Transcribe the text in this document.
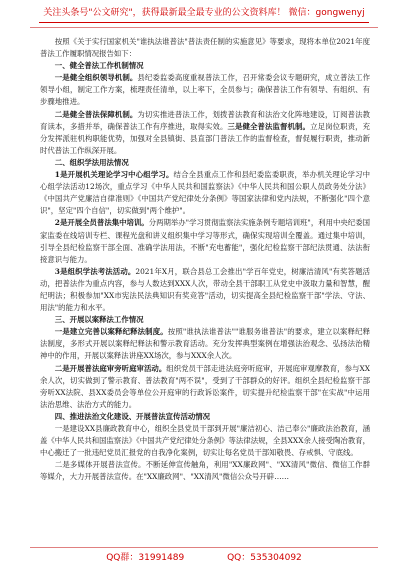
关注头条号"公文研究"，获得最新最全最专业的公文资料库！ 微信：gongwenyj

按照《关于实行国家机关"谁执法谁普法"普法责任制的实施意见》等要求，现将本单位2021年度普法工作履职情况报告如下：

一、健全普法工作机制情况

一是健全组织领导机制。县纪委监委高度重视普法工作，召开常委会议专题研究，成立普法工作领导小组，制定工作方案，梳理责任清单，以上率下，全员参与；确保普法工作有领导、有组织、有步骤地推进。

二是健全普法保障机制。为切实推进普法工作，划拨普法教育和法治文化阵地建设，订阅普法教育读本，多措并举，确保普法工作有序推进，取得实效。三是健全普法监督机制。立足岗位职责，充分发挥派驻机构职能优势，加强对全县镇街、县直部门普法工作的监督检查，督促履行职责，推动新时代普法工作纵深开展。

二、组织学法用法情况

1是开展机关理论学习中心组学习。结合全县重点工作和县纪委监委职责，举办机关理论学习中心组学法活动12场次，重点学习《中华人民共和国监察法》《中华人民共和国公职人员政务处分法》《中国共产党廉洁自律准则》《中国共产党纪律处分条例》等国家法律和党内法规，不断强化"四个意识"，坚定"四个自信"，切实做到"两个维护"。

2是开展全员普法集中培训。分两期举办"学习贯彻监察法实施条例专题培训班"，利用中央纪委国家监委在线培训专栏、课程光盘和讲义组织集中学习等形式，确保实现培训全覆盖。通过集中培训，引导全县纪检监察干部全面、准确学法用法，不断"充电蓄能"，强化纪检监察干部纪法贯通、法法衔接意识与能力。

3是组织学法考法活动。2021年X月，联合县总工会推出"学百年党史，树廉洁清风"有奖答题活动，把普法作为重点内容，参与人数达到XXX人次，带动全县干部职工从党史中汲取力量和智慧，醒纪明法；积极参加"XX市宪法民法典知识有奖竞答"活动，切实提高全县纪检监察干部"学法、守法、用法"的能力和水平。

三、开展以案释法工作情况

一是建立完善以案释纪释法制度。按照"谁执法谁普法""谁服务谁普法"的要求，建立以案释纪释法制度，多形式开展以案释纪释法和警示教育活动。充分发挥典型案例在增强法治观念、弘扬法治精神中的作用，开展以案释法讲座XX场次，参与XXX余人次。

二是开展普法庭审旁听庭审活动。组织党员干部走进法庭旁听庭审，开展庭审观摩教育，参与XX余人次，切实做到了警示教育、普法教育"两不误"，受到了干部群众的好评。组织全县纪检监察干部旁听XX法院、县XX委员会等单位公开庭审的行政诉讼案件，切实提升纪检监察干部"在实战"中运用法治思维、法治方式的能力。

四、推进法治文化建设、开展普法宣传活动情况

一是建设XX县廉政教育中心，组织全县党员干部到开展"廉洁初心、洁己奉公"廉政法治教育，涵盖《中华人民共和国监察法》《中国共产党纪律处分条例》等法律法规，全县XXX余人接受陶冶教育，中心搬迁了一批违纪党员汇报党的自我净化案例，切实让每名党员干部知敬畏、存戒惧、守底线。

二是多媒体开展普法宣传。不断延伸宣传触角，利用"XX廉政网"、"XX清风"微信、微信工作群等媒介，大力开展普法宣传。在"XX廉政网"、"XX清风"微信公众号开辟……

QQ群：31991489	QQ：535304092
